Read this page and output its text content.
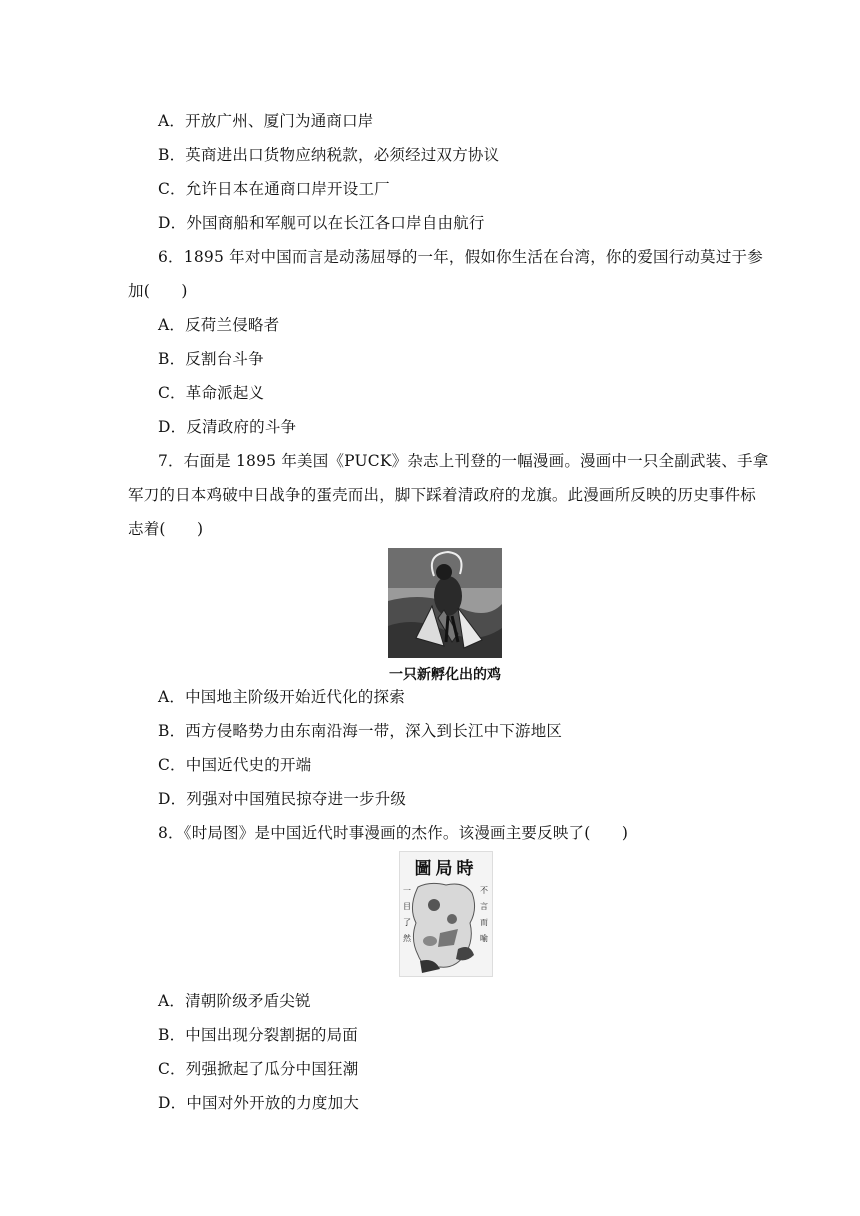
A．开放广州、厦门为通商口岸
B．英商进出口货物应纳税款，必须经过双方协议
C．允许日本在通商口岸开设工厂
D．外国商船和军舰可以在长江各口岸自由航行
6．1895 年对中国而言是动荡屈辱的一年，假如你生活在台湾，你的爱国行动莫过于参
加(　　)
A．反荷兰侵略者
B．反割台斗争
C．革命派起义
D．反清政府的斗争
7．右面是 1895 年美国《PUCK》杂志上刊登的一幅漫画。漫画中一只全副武装、手拿
军刀的日本鸡破中日战争的蛋壳而出，脚下踩着清政府的龙旗。此漫画所反映的历史事件标
志着(　　)
一只新孵化出的鸡
A．中国地主阶级开始近代化的探索
B．西方侵略势力由东南沿海一带，深入到长江中下游地区
C．中国近代史的开端
D．列强对中国殖民掠夺进一步升级
8．《时局图》是中国近代时事漫画的杰作。该漫画主要反映了(　　)
圖局時
不
言
而
喻
一
目
了
然
A．清朝阶级矛盾尖锐
B．中国出现分裂割据的局面
C．列强掀起了瓜分中国狂潮
D．中国对外开放的力度加大
